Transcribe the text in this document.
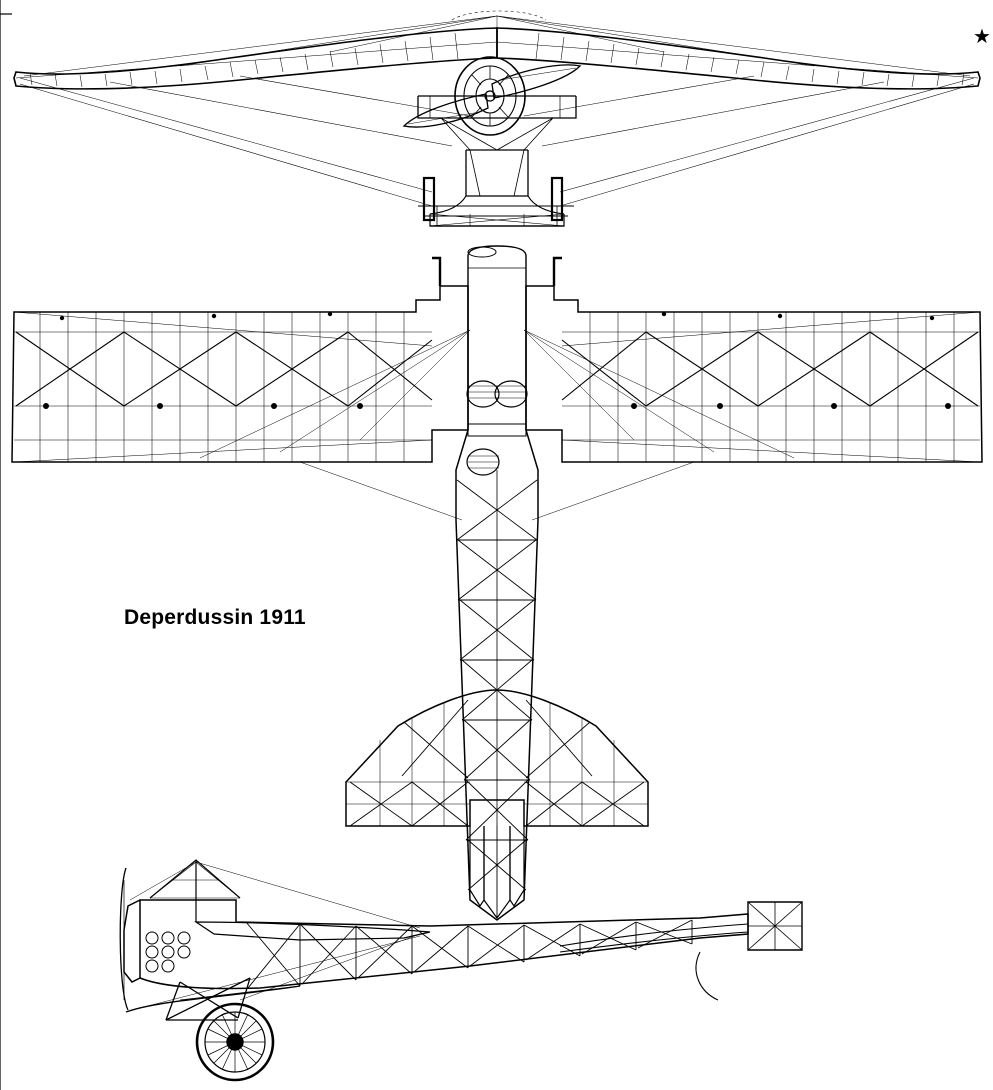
Deperdussin 1911
★
